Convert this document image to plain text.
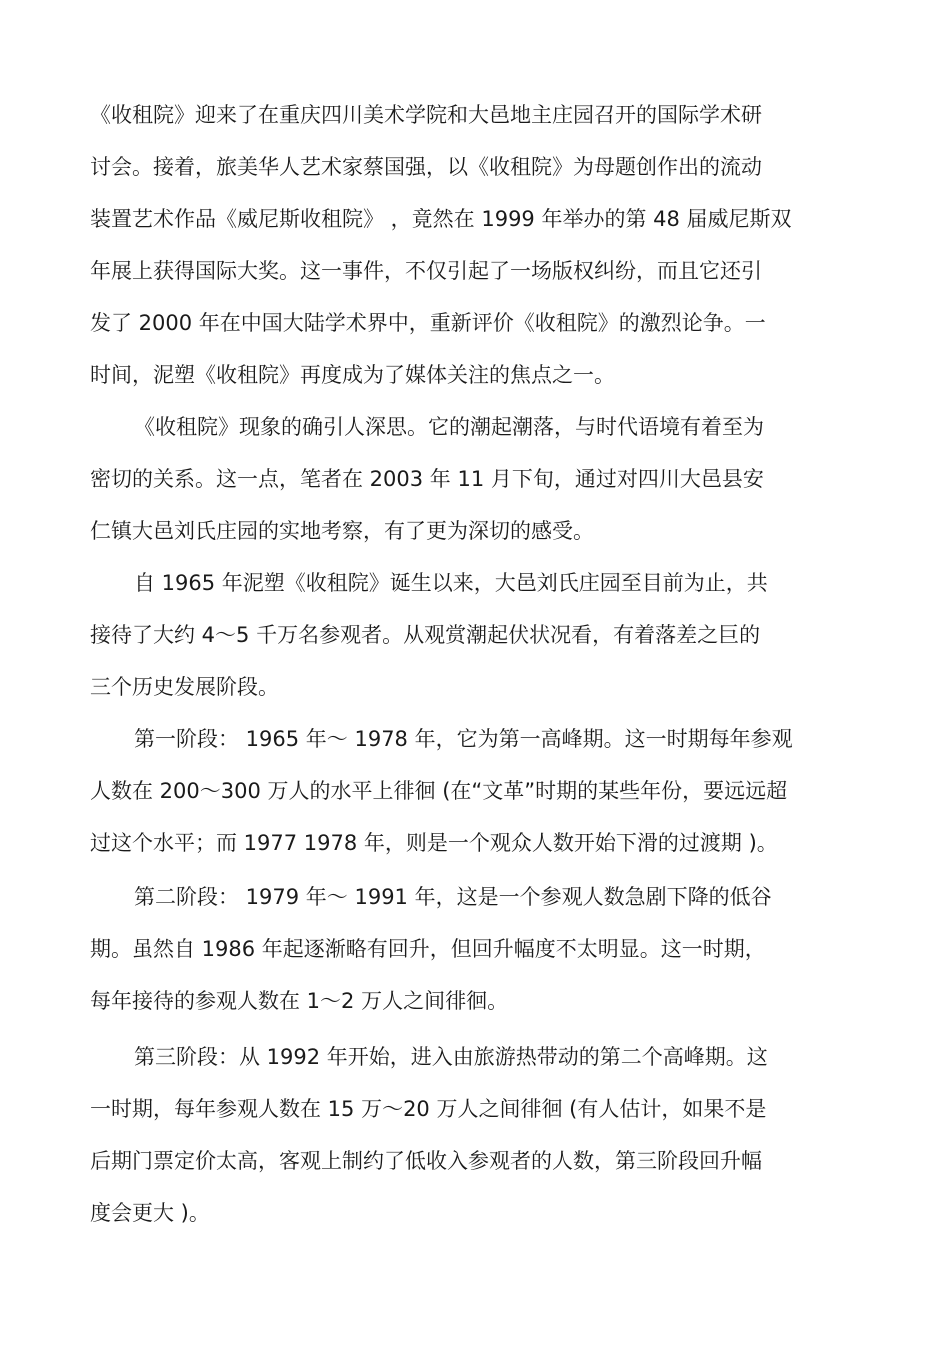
《收租院》迎来了在重庆四川美术学院和大邑地主庄园召开的国际学术研
讨会。接着，旅美华人艺术家蔡国强，以《收租院》为母题创作出的流动
装置艺术作品《威尼斯收租院》 ，竟然在 1999 年举办的第 48 届威尼斯双
年展上获得国际大奖。这一事件，不仅引起了一场版权纠纷，而且它还引
发了 2000 年在中国大陆学术界中，重新评价《收租院》的激烈论争。一
时间，泥塑《收租院》再度成为了媒体关注的焦点之一。
《收租院》现象的确引人深思。它的潮起潮落，与时代语境有着至为
密切的关系。这一点，笔者在 2003 年 11 月下旬，通过对四川大邑县安
仁镇大邑刘氏庄园的实地考察，有了更为深切的感受。
自 1965 年泥塑《收租院》诞生以来，大邑刘氏庄园至目前为止，共
接待了大约 4～5 千万名参观者。从观赏潮起伏状况看，有着落差之巨的
三个历史发展阶段。
第一阶段： 1965 年～ 1978 年，它为第一高峰期。这一时期每年参观
人数在 200～300 万人的水平上徘徊 (在“文革”时期的某些年份，要远远超
过这个水平；而 1977 1978 年，则是一个观众人数开始下滑的过渡期 )。
第二阶段： 1979 年～ 1991 年，这是一个参观人数急剧下降的低谷
期。虽然自 1986 年起逐渐略有回升，但回升幅度不太明显。这一时期，
每年接待的参观人数在 1～2 万人之间徘徊。
第三阶段：从 1992 年开始，进入由旅游热带动的第二个高峰期。这
一时期，每年参观人数在 15 万～20 万人之间徘徊 (有人估计，如果不是
后期门票定价太高，客观上制约了低收入参观者的人数，第三阶段回升幅
度会更大 )。
